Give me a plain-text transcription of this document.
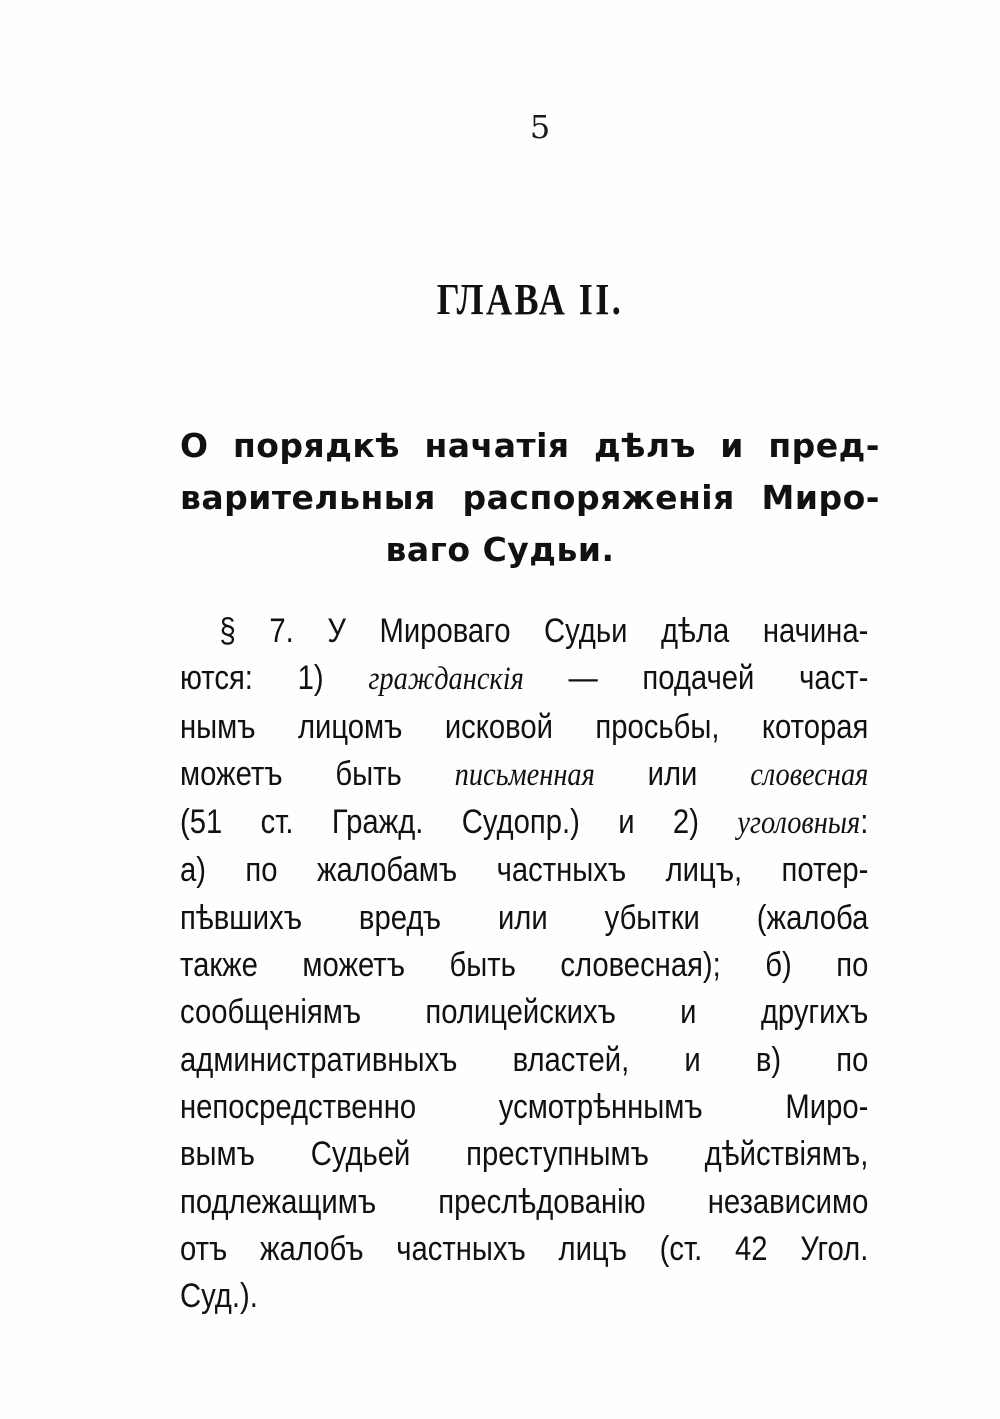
5
ГЛАВА II.
О порядкѣ начатія дѣлъ и пред-
варительныя распоряженія Миро-
ваго Судьи.
§ 7. У Мироваго Судьи дѣла начина-
ются: 1) гражданскія — подачей част-
нымъ лицомъ исковой просьбы, которая
можетъ быть письменная или словесная
(51 ст. Гражд. Судопр.) и 2) уголовныя:
а) по жалобамъ частныхъ лицъ, потер-
пѣвшихъ вредъ или убытки (жалоба
также можетъ быть словесная); б) по
сообщеніямъ полицейскихъ и другихъ
административныхъ властей, и в) по
непосредственно усмотрѣннымъ Миро-
вымъ Судьей преступнымъ дѣйствіямъ,
подлежащимъ преслѣдованію независимо
отъ жалобъ частныхъ лицъ (ст. 42 Угол.
Суд.).
